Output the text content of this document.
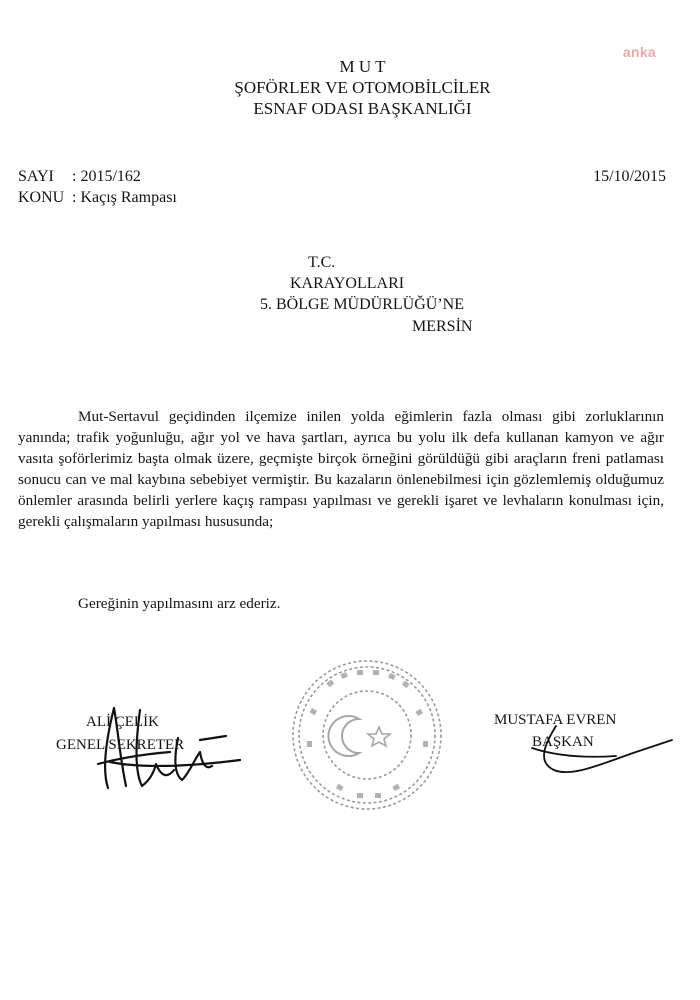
anka
M U T
ŞOFÖRLER VE OTOMOBİLCİLER
ESNAF ODASI BAŞKANLIĞI
SAYI : 2015/162
KONU : Kaçış Rampası
15/10/2015
T.C.
KARAYOLLARI
5. BÖLGE MÜDÜRLÜĞÜ’NE
MERSİN

Mut-Sertavul geçidinden ilçemize inilen yolda eğimlerin fazla olması gibi zorluklarının yanında; trafik yoğunluğu, ağır yol ve hava şartları, ayrıca bu yolu ilk defa kullanan kamyon ve ağır vasıta şoförlerimiz başta olmak üzere, geçmişte birçok örneğini görüldüğü gibi araçların freni patlaması sonucu can ve mal kaybına sebebiyet vermiştir. Bu kazaların önlenebilmesi için gözlemlemiş olduğumuz önlemler arasında belirli yerlere kaçış rampası yapılması ve gerekli işaret ve levhaların konulması için, gerekli çalışmaların yapılması hususunda;

Gereğinin yapılmasını arz ederiz.
ALİ ÇELİK
GENEL SEKRETER
MUSTAFA EVREN
BAŞKAN
